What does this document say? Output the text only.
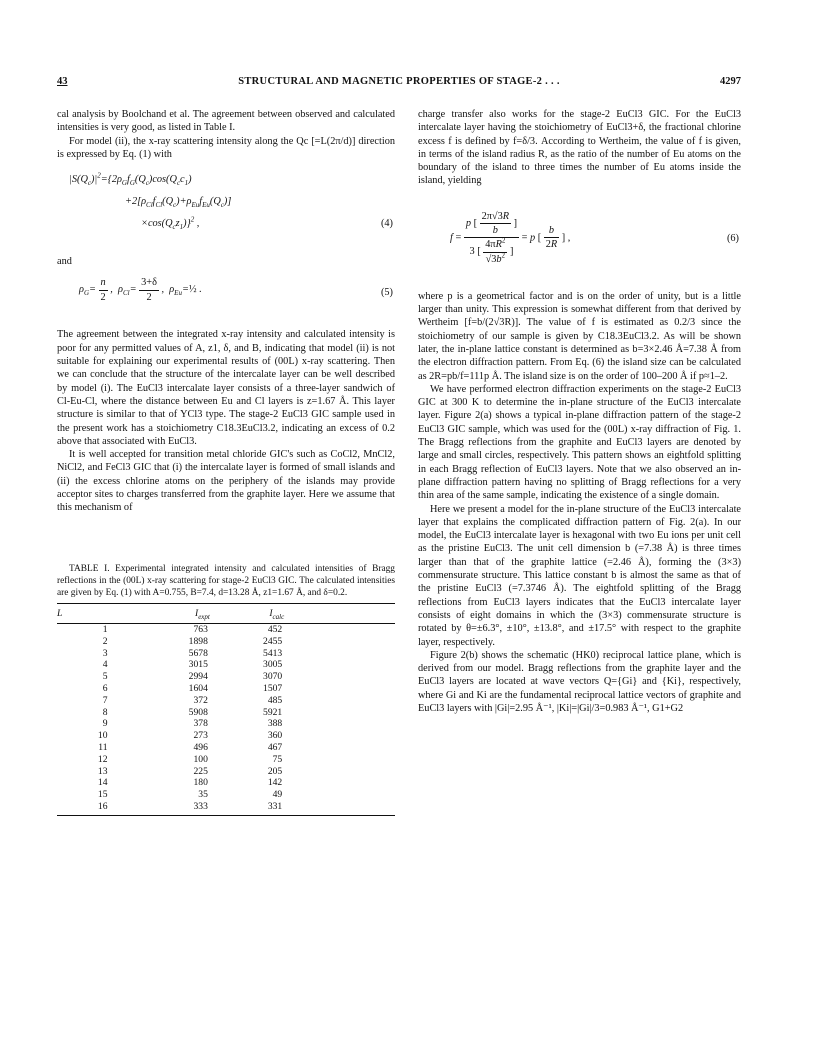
43	STRUCTURAL AND MAGNETIC PROPERTIES OF STAGE-2 . . .	4297

cal analysis by Boolchand et al. The agreement between observed and calculated intensities is very good, as listed in Table I.

For model (ii), the x-ray scattering intensity along the Qc [=L(2π/d)] direction is expressed by Eq. (1) with

$|S(Q_c)|^2=\{2\rho_Gf_G(Q_c)\cos(Q_cc_1)$
$+2[\rho_{Cl}f_{Cl}(Q_c)+\rho_{Eu}f_{Eu}(Q_c)]$
$\times\cos(Q_cz_1)\}^2$ ,	(4)

and

$\rho_G= \frac{n}{2}$ ,  $\rho_{Cl}= \frac{3+\delta}{2}$ ,  $\rho_{Eu}=\frac{1}{2}$ .	(5)

The agreement between the integrated x-ray intensity and calculated intensity is poor for any permitted values of A, z1, δ, and B, indicating that model (ii) is not suitable for explaining our experimental results of (00L) x-ray scattering. Then we can conclude that the structure of the intercalate layer can be well described by model (i). The EuCl3 intercalate layer consists of a three-layer sandwich of Cl-Eu-Cl, where the distance between Eu and Cl layers is z=1.67 Å. This layer structure is similar to that of YCl3 type. The stage-2 EuCl3 GIC sample used in the present work has a stoichiometry C18.3EuCl3.2, indicating an excess of 0.2 above that associated with EuCl3.

It is well accepted for transition metal chloride GIC's such as CoCl2, MnCl2, NiCl2, and FeCl3 GIC that (i) the intercalate layer is formed of small islands and (ii) the excess chlorine atoms on the periphery of the islands may provide acceptor sites to charges transferred from the graphite layer. Here we assume that this mechanism of

TABLE I. Experimental integrated intensity and calculated intensities of Bragg reflections in the (00L) x-ray scattering for stage-2 EuCl3 GIC. The calculated intensities are given by Eq. (1) with A=0.755, B=7.4, d=13.28 Å, z1=1.67 Å, and δ=0.2.

L	$I_{expt}$	$I_{calc}$	
1	763	452	
2	1898	2455	
3	5678	5413	
4	3015	3005	
5	2994	3070	
6	1604	1507	
7	372	485	
8	5908	5921	
9	378	388	
10	273	360	
11	496	467	
12	100	75	
13	225	205	
14	180	142	
15	35	49	
16	333	331	

charge transfer also works for the stage-2 EuCl3 GIC. For the EuCl3 intercalate layer having the stoichiometry of EuCl3+δ, the fractional chlorine excess f is defined by f=δ/3. According to Wertheim, the value of f is given, in terms of the island radius R, as the ratio of the number of Eu atoms on the boundary of the island to three times the number of Eu atoms inside the island, yielding

$f = \frac{p [ \frac{2\pi√3R}{b} ]}{3 [ \frac{4\pi R^2}{√3b^2} ]} = p$ [ $\frac{b}{2R}$ ] ,	(6)

where p is a geometrical factor and is on the order of unity, but is a little larger than unity. This expression is somewhat different from that derived by Wertheim [f=b/(2√3R)]. The value of f is estimated as 0.2/3 since the stoichiometry of our sample is given by C18.3EuCl3.2. As will be shown later, the in-plane lattice constant is determined as b=3×2.46 Å=7.38 Å from the electron diffraction pattern. From Eq. (6) the island size can be calculated as 2R=pb/f=111p Å. The island size is on the order of 100–200 Å if p≈1–2.

We have performed electron diffraction experiments on the stage-2 EuCl3 GIC at 300 K to determine the in-plane structure of the EuCl3 intercalate layer. Figure 2(a) shows a typical in-plane diffraction pattern of the stage-2 EuCl3 GIC sample, which was used for the (00L) x-ray diffraction of Fig. 1. The Bragg reflections from the graphite and EuCl3 layers are denoted by large and small circles, respectively. This pattern shows an eightfold splitting in each Bragg reflection of EuCl3 layers. Note that we also observed an in-plane diffraction pattern having no splitting of Bragg reflections for a very thin area of the same sample, indicating the existence of a single domain.

Here we present a model for the in-plane structure of the EuCl3 intercalate layer that explains the complicated diffraction pattern of Fig. 2(a). In our model, the EuCl3 intercalate layer is hexagonal with two Eu ions per unit cell as the pristine EuCl3. The unit cell dimension b (=7.38 Å) is three times larger than that of the graphite lattice (=2.46 Å), forming the (3×3) commensurate structure. This lattice constant b is almost the same as that of the pristine EuCl3 (=7.3746 Å). The eightfold splitting of the Bragg reflections from EuCl3 layers indicates that the EuCl3 intercalate layer consists of eight domains in which the (3×3) commensurate structure is rotated by θ=±6.3°, ±10°, ±13.8°, and ±17.5° with respect to the graphite layer, respectively.

Figure 2(b) shows the schematic (HK0) reciprocal lattice plane, which is derived from our model. Bragg reflections from the graphite layer and the EuCl3 layers are located at wave vectors Q={Gi} and {Ki}, respectively, where Gi and Ki are the fundamental reciprocal lattice vectors of graphite and EuCl3 layers with |Gi|=2.95 Å⁻¹, |Ki|=|Gi|/3=0.983 Å⁻¹, G1+G2
